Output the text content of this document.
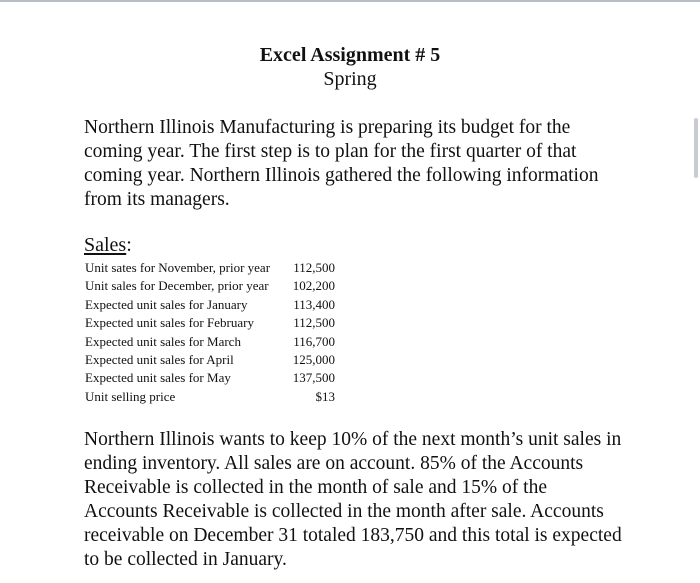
Excel Assignment # 5
Spring

Northern Illinois Manufacturing is preparing its budget for the coming year. The first step is to plan for the first quarter of that coming year. Northern Illinois gathered the following information from its managers.

Sales:
Unit sates for November, prior year 112,500
Unit sales for December, prior year 102,200
Expected unit sales for January	113,400
Expected unit sales for February	112,500
Expected unit sales for March	116,700
Expected unit sales for April	125,000
Expected unit sales for May	137,500
Unit selling price	$13

Northern Illinois wants to keep 10% of the next month’s unit sales in ending inventory. All sales are on account. 85% of the Accounts Receivable is collected in the month of sale and 15% of the Accounts Receivable is collected in the month after sale. Accounts receivable on December 31 totaled 183,750 and this total is expected to be collected in January.
